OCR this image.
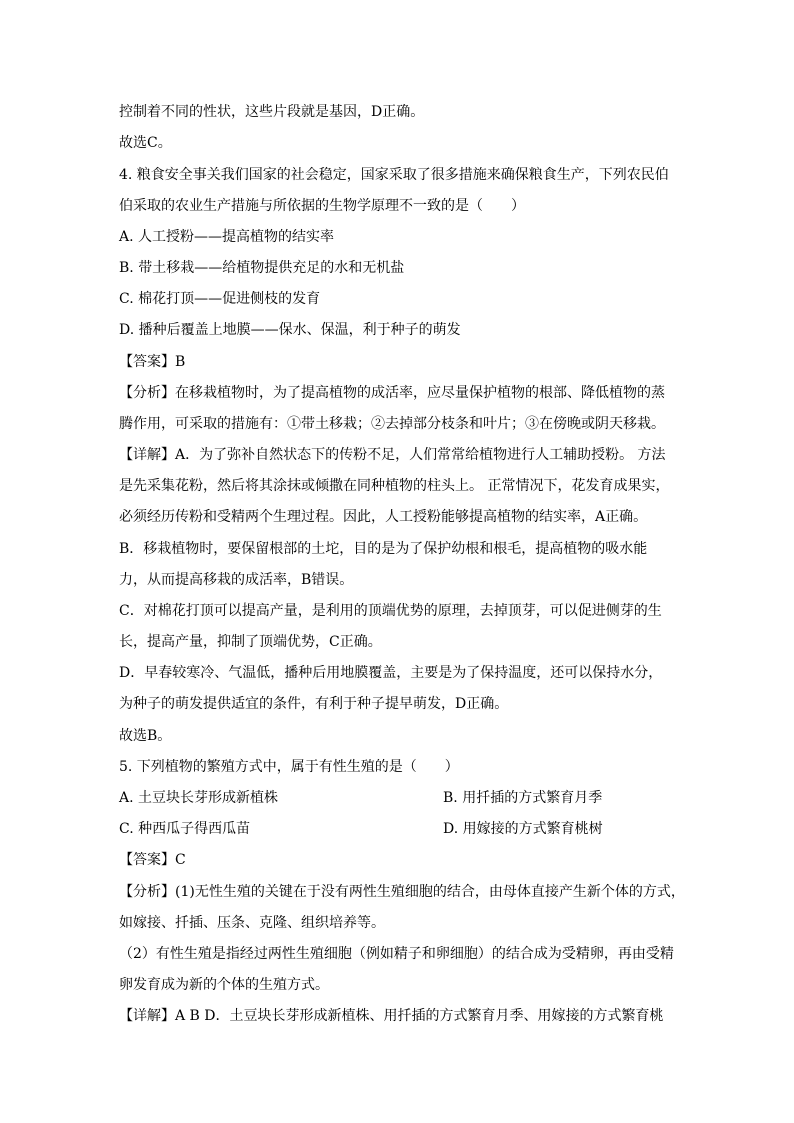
控制着不同的性状，这些片段就是基因，D正确。
故选C。
4. 粮食安全事关我们国家的社会稳定，国家采取了很多措施来确保粮食生产，下列农民伯
伯采取的农业生产措施与所依据的生物学原理不一致的是（　　）
A. 人工授粉——提高植物的结实率
B. 带土移栽——给植物提供充足的水和无机盐
C. 棉花打顶——促进侧枝的发育
D. 播种后覆盖上地膜——保水、保温，利于种子的萌发
【答案】B
【分析】在移栽植物时，为了提高植物的成活率，应尽量保护植物的根部、降低植物的蒸
腾作用，可采取的措施有：①带土移栽；②去掉部分枝条和叶片；③在傍晚或阴天移栽。
【详解】A．为了弥补自然状态下的传粉不足，人们常常给植物进行人工辅助授粉。 方法
是先采集花粉，然后将其涂抹或倾撒在同种植物的柱头上。 正常情况下，花发育成果实，
必须经历传粉和受精两个生理过程。因此，人工授粉能够提高植物的结实率，A正确。
B．移栽植物时，要保留根部的土坨，目的是为了保护幼根和根毛，提高植物的吸水能
力，从而提高移栽的成活率，B错误。
C．对棉花打顶可以提高产量，是利用的顶端优势的原理，去掉顶芽，可以促进侧芽的生
长，提高产量，抑制了顶端优势，C正确。
D．早春较寒冷、气温低，播种后用地膜覆盖，主要是为了保持温度，还可以保持水分，
为种子的萌发提供适宜的条件，有利于种子提早萌发，D正确。
故选B。
5. 下列植物的繁殖方式中，属于有性生殖的是（　　）
A. 土豆块长芽形成新植株	B. 用扦插的方式繁育月季
C. 种西瓜子得西瓜苗	D. 用嫁接的方式繁育桃树
【答案】C
【分析】(1)无性生殖的关键在于没有两性生殖细胞的结合，由母体直接产生新个体的方式，
如嫁接、扦插、压条、克隆、组织培养等。
（2）有性生殖是指经过两性生殖细胞（例如精子和卵细胞）的结合成为受精卵，再由受精
卵发育成为新的个体的生殖方式。
【详解】A B D．土豆块长芽形成新植株、用扦插的方式繁育月季、用嫁接的方式繁育桃
